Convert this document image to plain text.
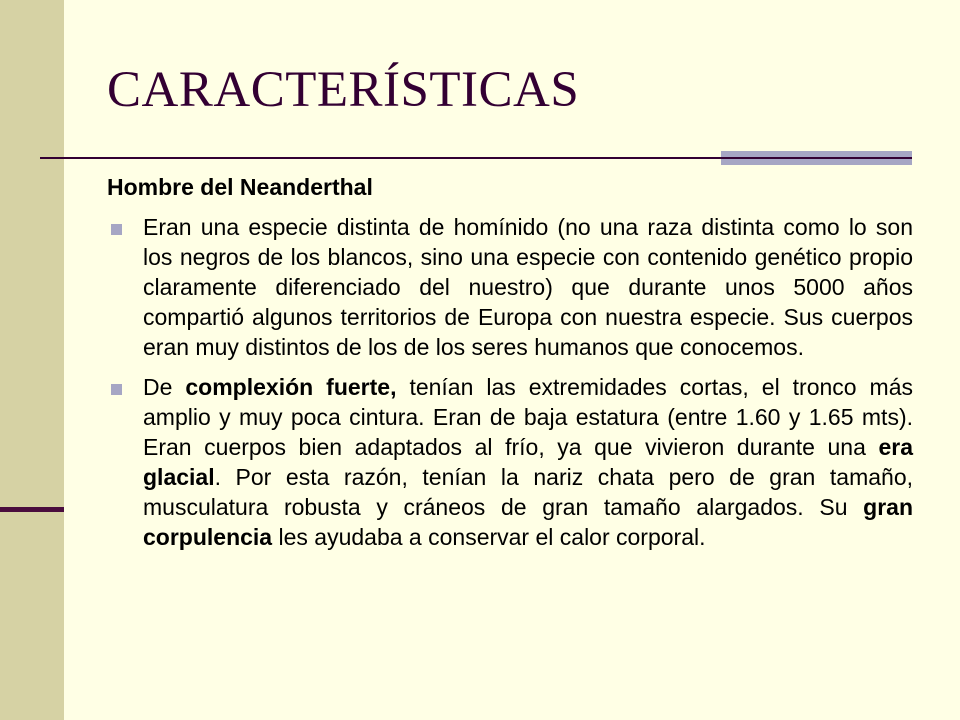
CARACTERÍSTICAS

Hombre del Neanderthal

Eran una especie distinta de homínido (no una raza distinta como lo son los negros de los blancos, sino una especie con contenido genético propio claramente diferenciado del nuestro) que durante unos 5000 años compartió algunos territorios de Europa con nuestra especie. Sus cuerpos eran muy distintos de los de los seres humanos que conocemos.
De complexión fuerte, tenían las extremidades cortas, el tronco más amplio y muy poca cintura. Eran de baja estatura (entre 1.60 y 1.65 mts). Eran cuerpos bien adaptados al frío, ya que vivieron durante una era glacial. Por esta razón, tenían la nariz chata pero de gran tamaño, musculatura robusta y cráneos de gran tamaño alargados. Su gran corpulencia les ayudaba a conservar el calor corporal.
